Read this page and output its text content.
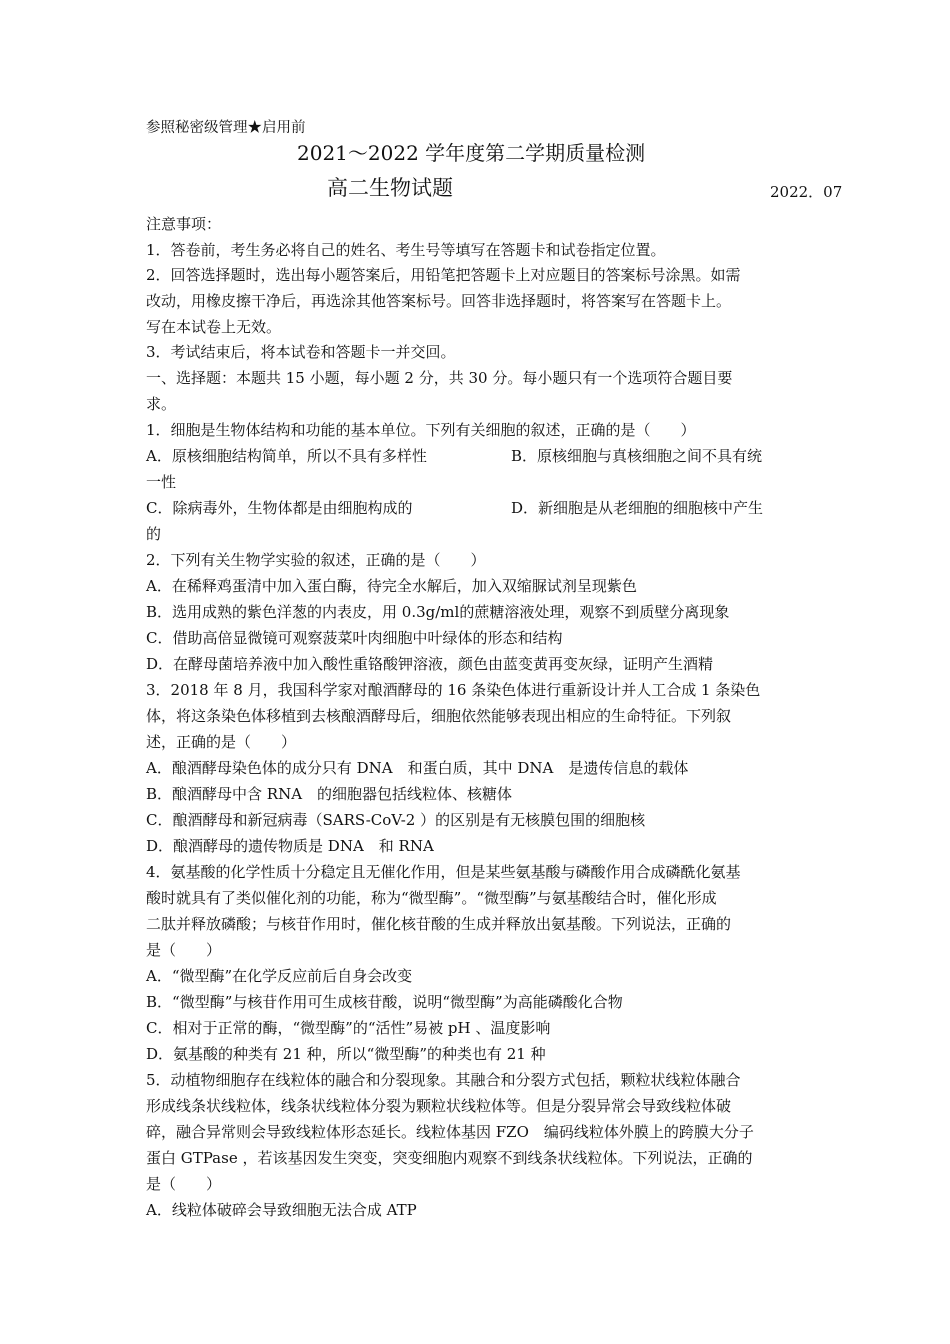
参照秘密级管理★启用前
2021～2022 学年度第二学期质量检测
高二生物试题	2022．07
注意事项：
1．答卷前，考生务必将自己的姓名、考生号等填写在答题卡和试卷指定位置。
2．回答选择题时，选出每小题答案后，用铅笔把答题卡上对应题目的答案标号涂黑。如需
改动，用橡皮擦干净后，再选涂其他答案标号。回答非选择题时，将答案写在答题卡上。
写在本试卷上无效。
3．考试结束后，将本试卷和答题卡一并交回。
一、选择题：本题共 15 小题，每小题 2 分，共 30 分。每小题只有一个选项符合题目要
求。
1．细胞是生物体结构和功能的基本单位。下列有关细胞的叙述，正确的是（　　）
A．原核细胞结构简单，所以不具有多样性	B．原核细胞与真核细胞之间不具有统
一性
C．除病毒外，生物体都是由细胞构成的	D．新细胞是从老细胞的细胞核中产生
的
2．下列有关生物学实验的叙述，正确的是（　　）
A．在稀释鸡蛋清中加入蛋白酶，待完全水解后，加入双缩脲试剂呈现紫色
B．选用成熟的紫色洋葱的内表皮，用 0.3g/ml的蔗糖溶液处理，观察不到质壁分离现象
C．借助高倍显微镜可观察菠菜叶肉细胞中叶绿体的形态和结构
D．在酵母菌培养液中加入酸性重铬酸钾溶液，颜色由蓝变黄再变灰绿，证明产生酒精
3．2018 年 8 月，我国科学家对酿酒酵母的 16 条染色体进行重新设计并人工合成 1 条染色
体，将这条染色体移植到去核酿酒酵母后，细胞依然能够表现出相应的生命特征。下列叙
述，正确的是（　　）
A．酿酒酵母染色体的成分只有 DNA　和蛋白质，其中 DNA　是遗传信息的载体
B．酿酒酵母中含 RNA　的细胞器包括线粒体、核糖体
C．酿酒酵母和新冠病毒（SARS-CoV-2 ）的区别是有无核膜包围的细胞核
D．酿酒酵母的遗传物质是 DNA　和 RNA
4．氨基酸的化学性质十分稳定且无催化作用，但是某些氨基酸与磷酸作用合成磷酰化氨基
酸时就具有了类似催化剂的功能，称为“微型酶”。“微型酶”与氨基酸结合时，催化形成
二肽并释放磷酸；与核苷作用时，催化核苷酸的生成并释放出氨基酸。下列说法，正确的
是（　　）
A．“微型酶”在化学反应前后自身会改变
B．“微型酶”与核苷作用可生成核苷酸，说明“微型酶”为高能磷酸化合物
C．相对于正常的酶，“微型酶”的“活性”易被 pH 、温度影响
D．氨基酸的种类有 21 种，所以“微型酶”的种类也有 21 种
5．动植物细胞存在线粒体的融合和分裂现象。其融合和分裂方式包括，颗粒状线粒体融合
形成线条状线粒体，线条状线粒体分裂为颗粒状线粒体等。但是分裂异常会导致线粒体破
碎，融合异常则会导致线粒体形态延长。线粒体基因 FZO　编码线粒体外膜上的跨膜大分子
蛋白 GTPase ，若该基因发生突变，突变细胞内观察不到线条状线粒体。下列说法，正确的
是（　　）
A．线粒体破碎会导致细胞无法合成 ATP
